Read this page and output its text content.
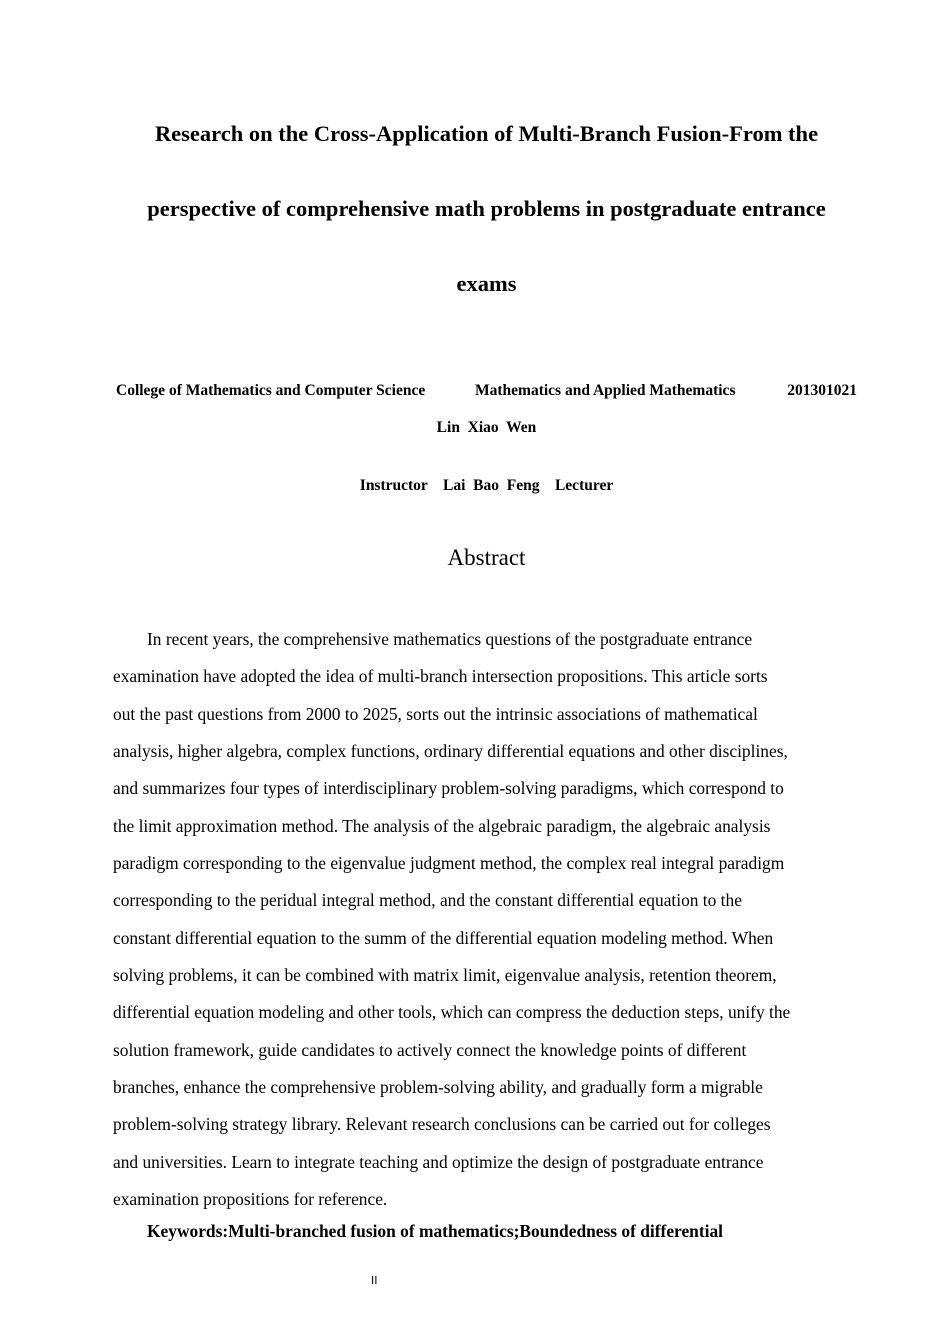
Research on the Cross-Application of Multi-Branch Fusion-From the
perspective of comprehensive math problems in postgraduate entrance
exams
College of Mathematics and Computer Science	Mathematics and Applied Mathematics	201301021
Lin  Xiao  Wen
Instructor    Lai  Bao  Feng    Lecturer
Abstract
In recent years, the comprehensive mathematics questions of the postgraduate entrance
examination have adopted the idea of multi-branch intersection propositions. This article sorts
out the past questions from 2000 to 2025, sorts out the intrinsic associations of mathematical
analysis, higher algebra, complex functions, ordinary differential equations and other disciplines,
and summarizes four types of interdisciplinary problem-solving paradigms, which correspond to
the limit approximation method. The analysis of the algebraic paradigm, the algebraic analysis
paradigm corresponding to the eigenvalue judgment method, the complex real integral paradigm
corresponding to the peridual integral method, and the constant differential equation to the
constant differential equation to the summ of the differential equation modeling method. When
solving problems, it can be combined with matrix limit, eigenvalue analysis, retention theorem,
differential equation modeling and other tools, which can compress the deduction steps, unify the
solution framework, guide candidates to actively connect the knowledge points of different
branches, enhance the comprehensive problem-solving ability, and gradually form a migrable
problem-solving strategy library. Relevant research conclusions can be carried out for colleges
and universities. Learn to integrate teaching and optimize the design of postgraduate entrance
examination propositions for reference.
Keywords:Multi-branched fusion of mathematics;Boundedness of differential
II
